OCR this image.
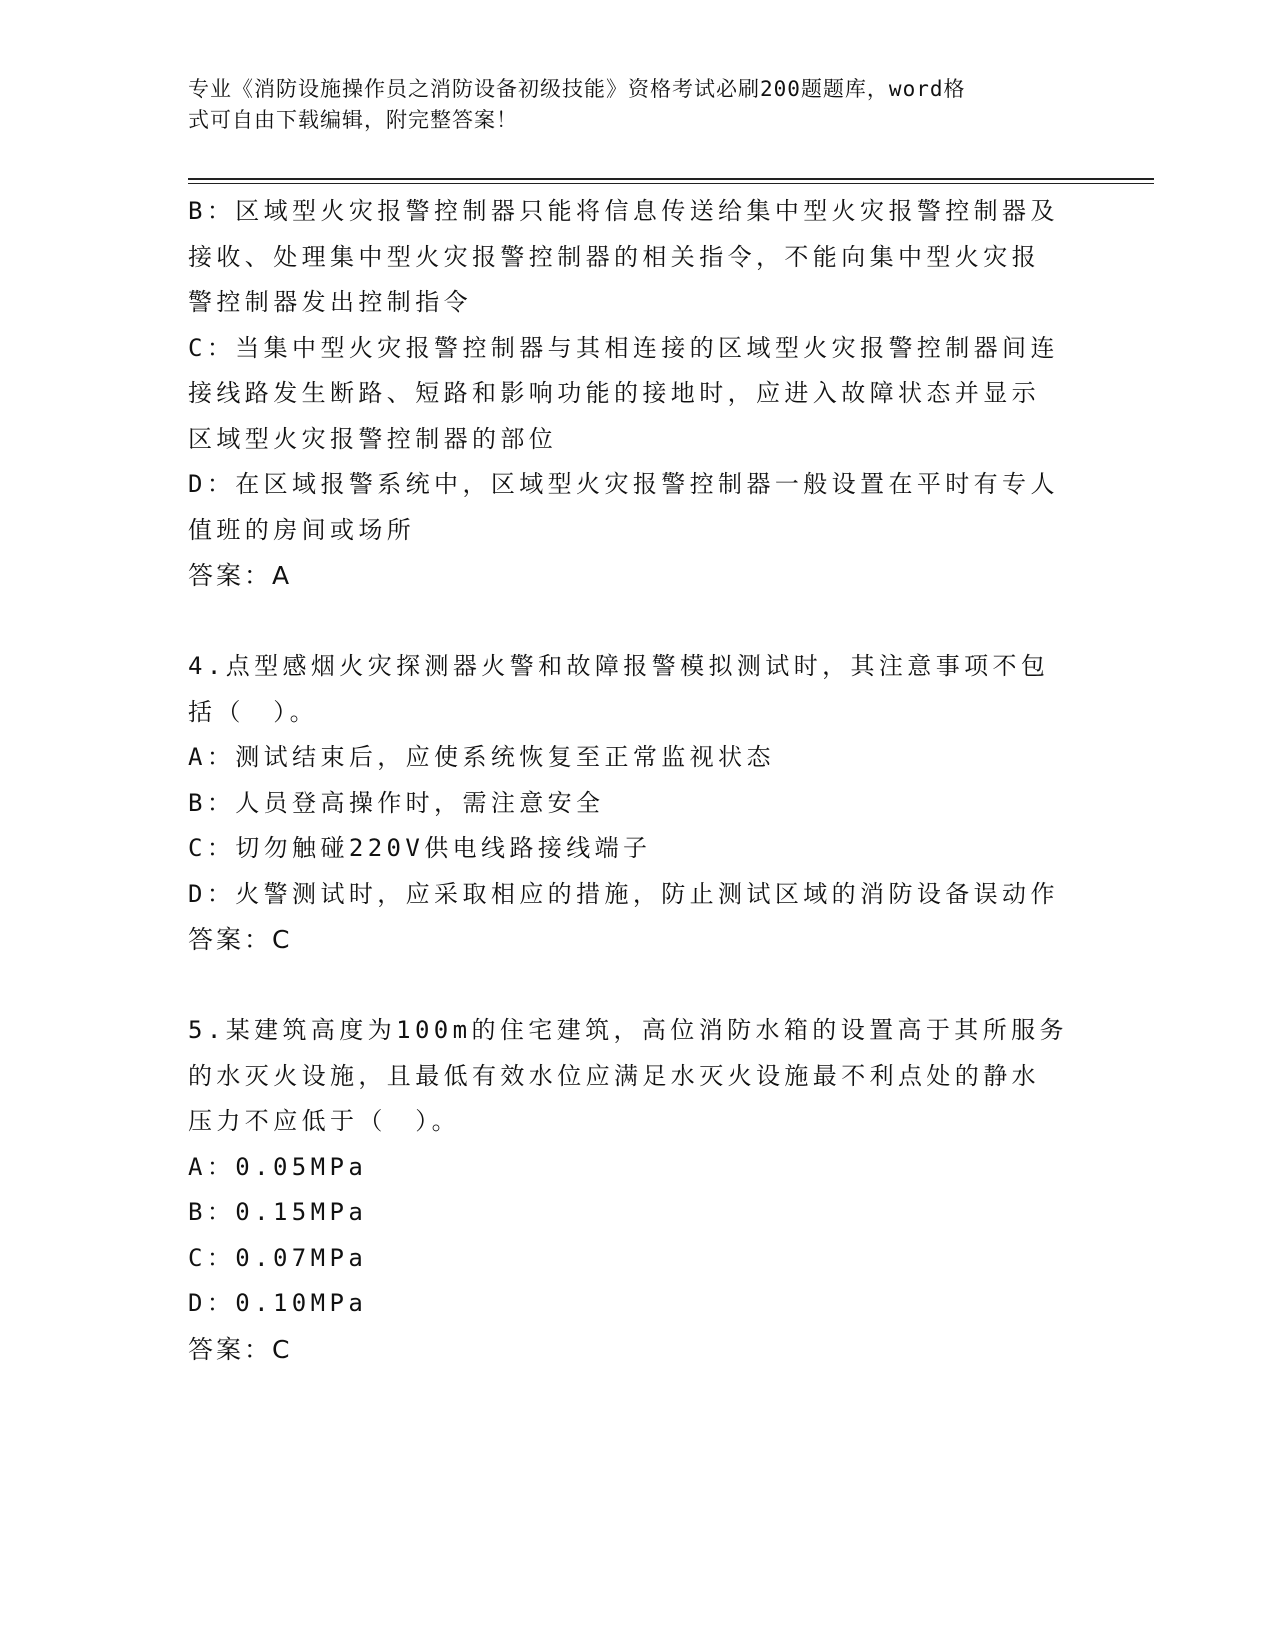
专业《消防设施操作员之消防设备初级技能》资格考试必刷200题题库，word格
式可自由下载编辑，附完整答案！
B：区域型火灾报警控制器只能将信息传送给集中型火灾报警控制器及
接收、处理集中型火灾报警控制器的相关指令，不能向集中型火灾报
警控制器发出控制指令
C：当集中型火灾报警控制器与其相连接的区域型火灾报警控制器间连
接线路发生断路、短路和影响功能的接地时，应进入故障状态并显示
区域型火灾报警控制器的部位
D：在区域报警系统中，区域型火灾报警控制器一般设置在平时有专人
值班的房间或场所
答案：A
4.点型感烟火灾探测器火警和故障报警模拟测试时，其注意事项不包
括（　）。
A：测试结束后，应使系统恢复至正常监视状态
B：人员登高操作时，需注意安全
C：切勿触碰220V供电线路接线端子
D：火警测试时，应采取相应的措施，防止测试区域的消防设备误动作
答案：C
5.某建筑高度为100m的住宅建筑，高位消防水箱的设置高于其所服务
的水灭火设施，且最低有效水位应满足水灭火设施最不利点处的静水
压力不应低于（　）。
A：0.05MPa
B：0.15MPa
C：0.07MPa
D：0.10MPa
答案：C
